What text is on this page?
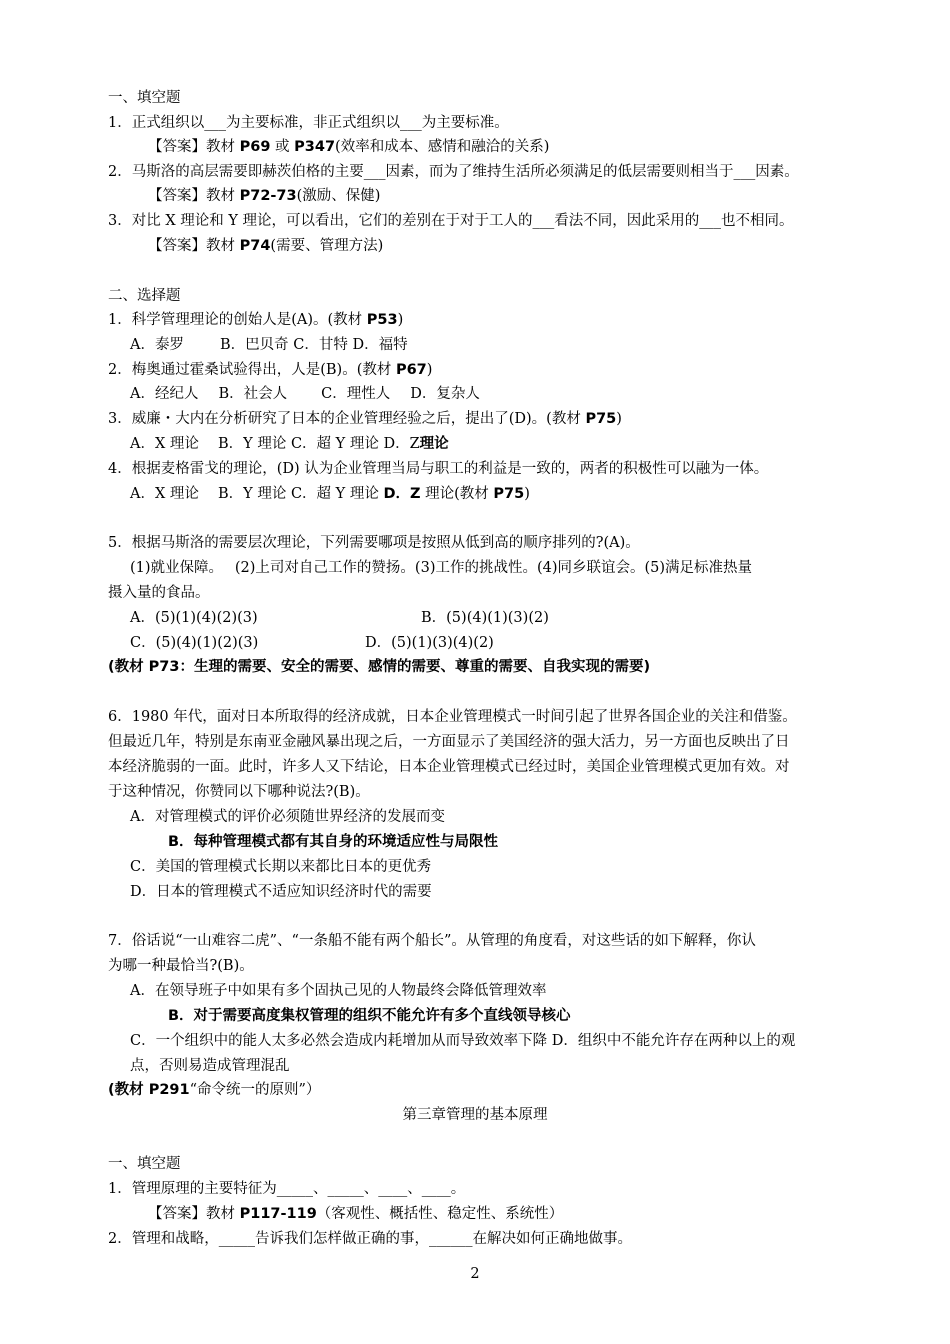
一、填空题
1．正式组织以___为主要标准，非正式组织以___为主要标准。
【答案】教材 P69 或 P347(效率和成本、感情和融洽的关系)
2．马斯洛的高层需要即赫茨伯格的主要___因素，而为了维持生活所必须满足的低层需要则相当于___因素。
【答案】教材 P72-73(激励、保健)
3．对比 X 理论和 Y 理论，可以看出，它们的差别在于对于工人的___看法不同，因此采用的___也不相同。
【答案】教材 P74(需要、管理方法)
二、选择题
1．科学管理理论的创始人是(A)。(教材 P53)
A．泰罗 B．巴贝奇 C．甘特 D．福特
2．梅奥通过霍桑试验得出，人是(B)。(教材 P67)
A．经纪人 B．社会人 C．理性人 D．复杂人
3．威廉・大内在分析研究了日本的企业管理经验之后，提出了(D)。(教材 P75)
A．X 理论　 B．Y 理论 C．超 Y 理论 D．Z理论
4．根据麦格雷戈的理论，(D) 认为企业管理当局与职工的利益是一致的，两者的积极性可以融为一体。
A．X 理论　 B．Y 理论 C．超 Y 理论 D．Z 理论(教材 P75)
5．根据马斯洛的需要层次理论，下列需要哪项是按照从低到高的顺序排列的?(A)。
(1)就业保障。　 (2)上司对自己工作的赞扬。(3)工作的挑战性。(4)同乡联谊会。(5)满足标准热量
摄入量的食品。
A．(5)(1)(4)(2)(3)	B．(5)(4)(1)(3)(2)
C．(5)(4)(1)(2)(3)	D．(5)(1)(3)(4)(2)
(教材 P73：生理的需要、安全的需要、感情的需要、尊重的需要、自我实现的需要)
6．1980 年代，面对日本所取得的经济成就，日本企业管理模式一时间引起了世界各国企业的关注和借鉴。
但最近几年，特别是东南亚金融风暴出现之后，一方面显示了美国经济的强大活力，另一方面也反映出了日
本经济脆弱的一面。此时，许多人又下结论，日本企业管理模式已经过时，美国企业管理模式更加有效。对
于这种情况，你赞同以下哪种说法?(B)。
A．对管理模式的评价必须随世界经济的发展而变
B．每种管理模式都有其自身的环境适应性与局限性
C．美国的管理模式长期以来都比日本的更优秀
D．日本的管理模式不适应知识经济时代的需要
7．俗话说“一山难容二虎”、“一条船不能有两个船长”。从管理的角度看，对这些话的如下解释，你认
为哪一种最恰当?(B)。
A．在领导班子中如果有多个固执己见的人物最终会降低管理效率
B．对于需要高度集权管理的组织不能允许有多个直线领导核心
C．一个组织中的能人太多必然会造成内耗增加从而导致效率下降 D．组织中不能允许存在两种以上的观
点，否则易造成管理混乱
(教材 P291“命令统一的原则”）
第三章管理的基本原理
一、填空题
1．管理原理的主要特征为_____、_____、____、____。
【答案】教材 P117-119（客观性、概括性、稳定性、系统性）
2．管理和战略，_____告诉我们怎样做正确的事，______在解决如何正确地做事。
2
